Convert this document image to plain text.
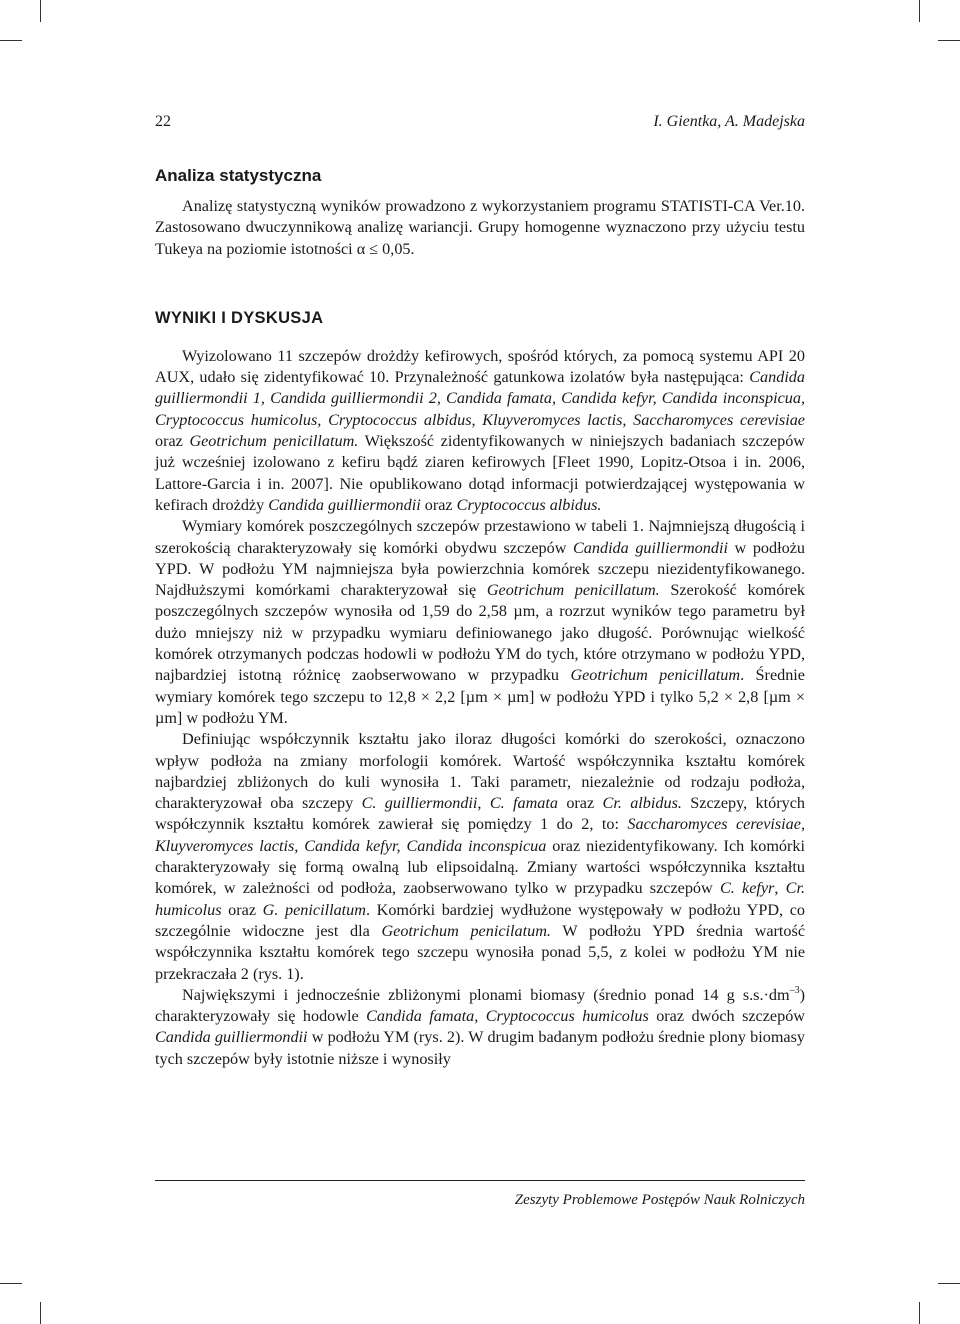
22	I. Gientka, A. Madejska
Analiza statystyczna

Analizę statystyczną wyników prowadzono z wykorzystaniem programu STATISTI-CA Ver.10. Zastosowano dwuczynnikową analizę wariancji. Grupy homogenne wyznaczono przy użyciu testu Tukeya na poziomie istotności α ≤ 0,05.

WYNIKI I DYSKUSJA

Wyizolowano 11 szczepów drożdży kefirowych, spośród których, za pomocą systemu API 20 AUX, udało się zidentyfikować 10. Przynależność gatunkowa izolatów była następująca: Candida guilliermondii 1, Candida guilliermondii 2, Candida famata, Candida kefyr, Candida inconspicua, Cryptococcus humicolus, Cryptococcus albidus, Kluyveromyces lactis, Saccharomyces cerevisiae oraz Geotrichum penicillatum. Większość zidentyfikowanych w niniejszych badaniach szczepów już wcześniej izolowano z kefiru bądź ziaren kefirowych [Fleet 1990, Lopitz-Otsoa i in. 2006, Lattore-Garcia i in. 2007]. Nie opublikowano dotąd informacji potwierdzającej występowania w kefirach drożdży Candida guilliermondii oraz Cryptococcus albidus.

Wymiary komórek poszczególnych szczepów przestawiono w tabeli 1. Najmniejszą długością i szerokością charakteryzowały się komórki obydwu szczepów Candida guilliermondii w podłożu YPD. W podłożu YM najmniejsza była powierzchnia komórek szczepu niezidentyfikowanego. Najdłuższymi komórkami charakteryzował się Geotrichum penicillatum. Szerokość komórek poszczególnych szczepów wynosiła od 1,59 do 2,58 µm, a rozrzut wyników tego parametru był dużo mniejszy niż w przypadku wymiaru definiowanego jako długość. Porównując wielkość komórek otrzymanych podczas hodowli w podłożu YM do tych, które otrzymano w podłożu YPD, najbardziej istotną różnicę zaobserwowano w przypadku Geotrichum penicillatum. Średnie wymiary komórek tego szczepu to 12,8 × 2,2 [µm × µm] w podłożu YPD i tylko 5,2 × 2,8 [µm × µm] w podłożu YM.

Definiując współczynnik kształtu jako iloraz długości komórki do szerokości, oznaczono wpływ podłoża na zmiany morfologii komórek. Wartość współczynnika kształtu komórek najbardziej zbliżonych do kuli wynosiła 1. Taki parametr, niezależnie od rodzaju podłoża, charakteryzował oba szczepy C. guilliermondii, C. famata oraz Cr. albidus. Szczepy, których współczynnik kształtu komórek zawierał się pomiędzy 1 do 2, to: Saccharomyces cerevisiae, Kluyveromyces lactis, Candida kefyr, Candida inconspicua oraz niezidentyfikowany. Ich komórki charakteryzowały się formą owalną lub elipsoidalną. Zmiany wartości współczynnika kształtu komórek, w zależności od podłoża, zaobserwowano tylko w przypadku szczepów C. kefyr, Cr. humicolus oraz G. penicillatum. Komórki bardziej wydłużone występowały w podłożu YPD, co szczególnie widoczne jest dla Geotrichum penicilatum. W podłożu YPD średnia wartość współczynnika kształtu komórek tego szczepu wynosiła ponad 5,5, z kolei w podłożu YM nie przekraczała 2 (rys. 1).

Największymi i jednocześnie zbliżonymi plonami biomasy (średnio ponad 14 g $s.s.\cdot dm^{-3}$) charakteryzowały się hodowle Candida famata, Cryptococcus humicolus oraz dwóch szczepów Candida guilliermondii w podłożu YM (rys. 2). W drugim badanym podłożu średnie plony biomasy tych szczepów były istotnie niższe i wynosiły

Zeszyty Problemowe Postępów Nauk Rolniczych
